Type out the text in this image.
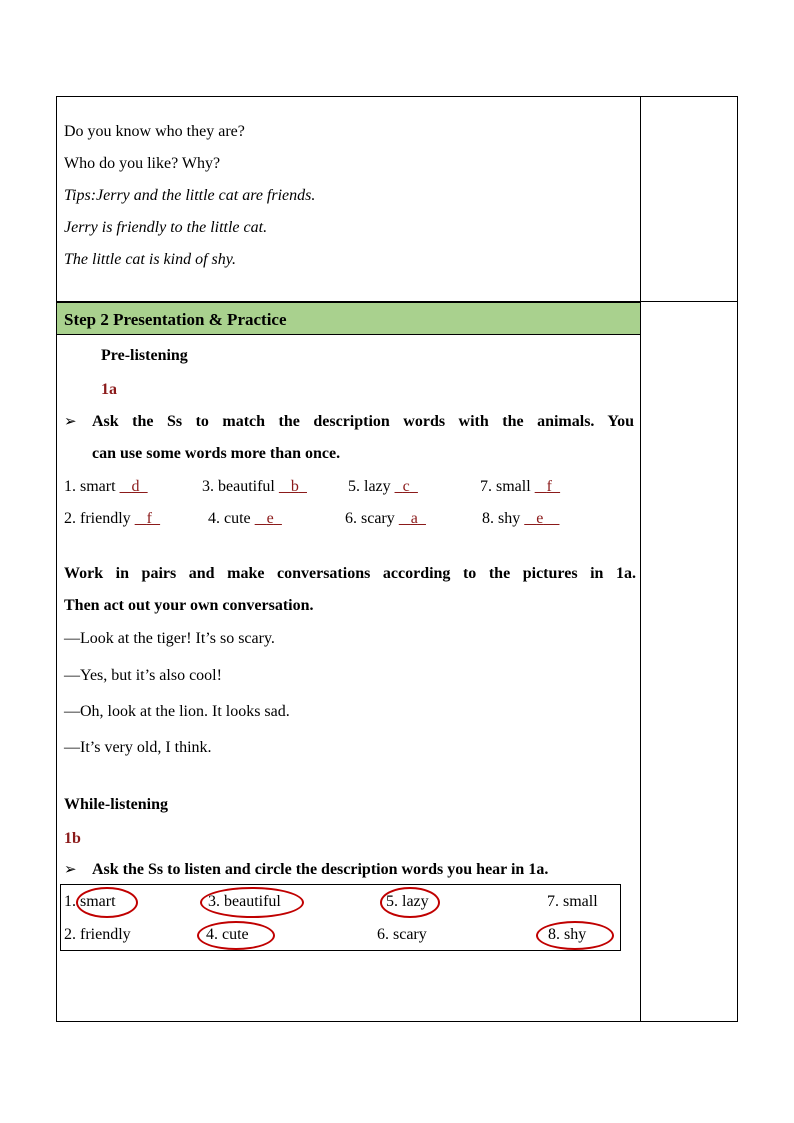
Do you know who they are?
Who do you like? Why?
Tips:Jerry and the little cat are friends.
Jerry is friendly to the little cat.
The little cat is kind of shy.
Step 2 Presentation & Practice
Pre-listening
1a
➢ Ask the Ss to match the description words with the animals. You
can use some words more than once.
1. smart  _d_	3. beautiful  _b_	5. lazy _c_	7. small  _f_
2. friendly  _f_	4. cute  _e_	6. scary  _a_	8. shy  _e__
Work in pairs and make conversations according to the pictures in 1a.
Then act out your own conversation.
—Look at the tiger! It’s so scary.
—Yes, but it’s also cool!
—Oh, look at the lion. It looks sad.
—It’s very old, I think.
While-listening
1b
➢ Ask the Ss to listen and circle the description words you hear in 1a.
1. smart	3. beautiful	5. lazy	7. small
2. friendly	4. cute	6. scary	8. shy
